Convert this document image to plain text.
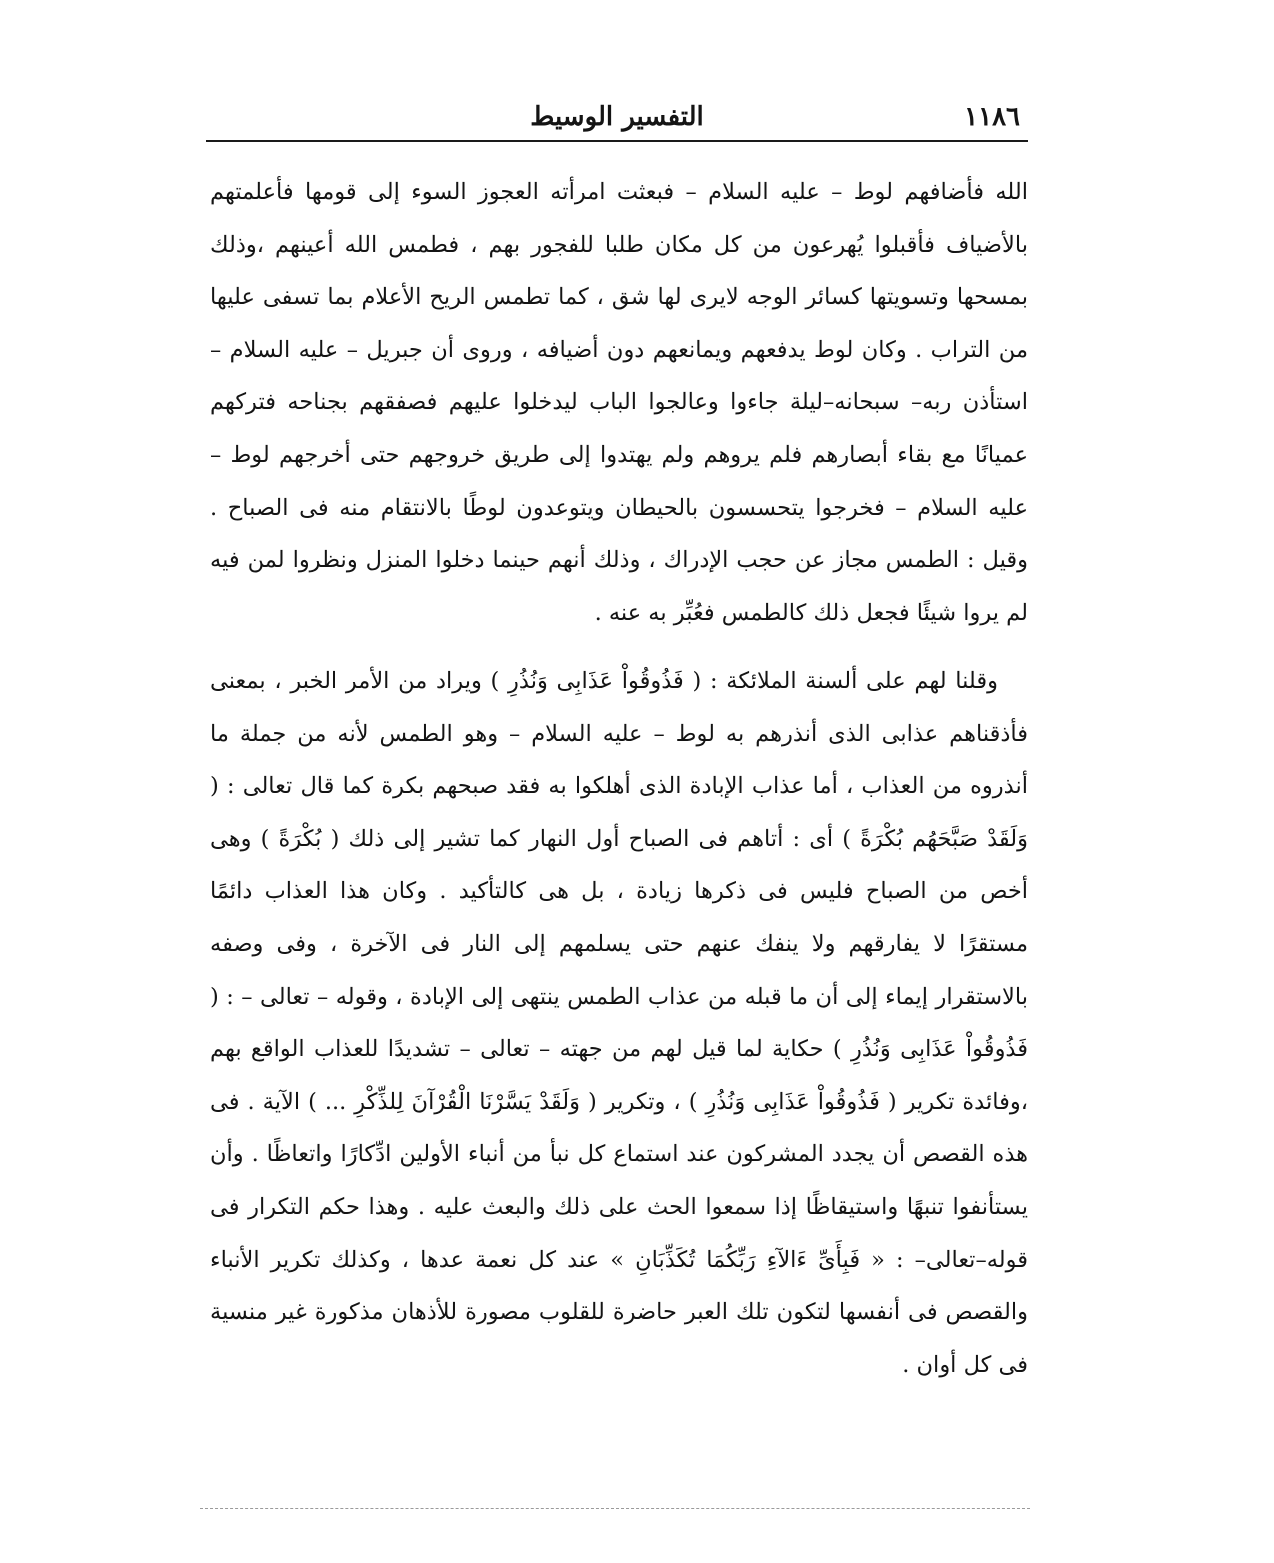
١١٨٦
التفسير الوسيط

الله فأضافهم لوط – عليه السلام – فبعثت امرأته العجوز السوء إلى قومها فأعلمتهم بالأضياف فأقبلوا يُهرعون من كل مكان طلبا للفجور بهم ، فطمس الله أعينهم ،وذلك بمسحها وتسويتها كسائر الوجه لايرى لها شق ، كما تطمس الريح الأعلام بما تسفى عليها من التراب . وكان لوط يدفعهم ويمانعهم دون أضيافه ، وروى أن جبريل – عليه السلام – استأذن ربه– سبحانه–ليلة جاءوا وعالجوا الباب ليدخلوا عليهم فصفقهم بجناحه فتركهم عميانًا مع بقاء أبصارهم فلم يروهم ولم يهتدوا إلى طريق خروجهم حتى أخرجهم لوط – عليه السلام – فخرجوا يتحسسون بالحيطان ويتوعدون لوطًا بالانتقام منه فى الصباح . وقيل : الطمس مجاز عن حجب الإدراك ، وذلك أنهم حينما دخلوا المنزل ونظروا لمن فيه لم يروا شيئًا فجعل ذلك كالطمس فعُبِّر به عنه .

وقلنا لهم على ألسنة الملائكة : ( فَذُوقُواْ عَذَابِى وَنُذُرِ ) ويراد من الأمر الخبر ، بمعنى فأذقناهم عذابى الذى أنذرهم به لوط – عليه السلام – وهو الطمس لأنه من جملة ما أنذروه من العذاب ، أما عذاب الإبادة الذى أهلكوا به فقد صبحهم بكرة كما قال تعالى : ( وَلَقَدْ صَبَّحَهُم بُكْرَةً ) أى : أتاهم فى الصباح أول النهار كما تشير إلى ذلك ( بُكْرَةً ) وهى أخص من الصباح فليس فى ذكرها زيادة ، بل هى كالتأكيد . وكان هذا العذاب دائمًا مستقرًا لا يفارقهم ولا ينفك عنهم حتى يسلمهم إلى النار فى الآخرة ، وفى وصفه بالاستقرار إيماء إلى أن ما قبله من عذاب الطمس ينتهى إلى الإبادة ، وقوله – تعالى – : ( فَذُوقُواْ عَذَابِى وَنُذُرِ ) حكاية لما قيل لهم من جهته – تعالى – تشديدًا للعذاب الواقع بهم ،وفائدة تكرير ( فَذُوقُواْ عَذَابِى وَنُذُرِ ) ، وتكرير ( وَلَقَدْ يَسَّرْنَا الْقُرْآنَ لِلذِّكْرِ ... ) الآية . فى هذه القصص أن يجدد المشركون عند استماع كل نبأ من أنباء الأولين ادِّكارًا واتعاظًا . وأن يستأنفوا تنبهًا واستيقاظًا إذا سمعوا الحث على ذلك والبعث عليه . وهذا حكم التكرار فى قوله–تعالى– : « فَبِأَىِّ ءَالآءِ رَبِّكُمَا تُكَذِّبَانِ » عند كل نعمة عدها ، وكذلك تكرير الأنباء والقصص فى أنفسها لتكون تلك العبر حاضرة للقلوب مصورة للأذهان مذكورة غير منسية فى كل أوان .
